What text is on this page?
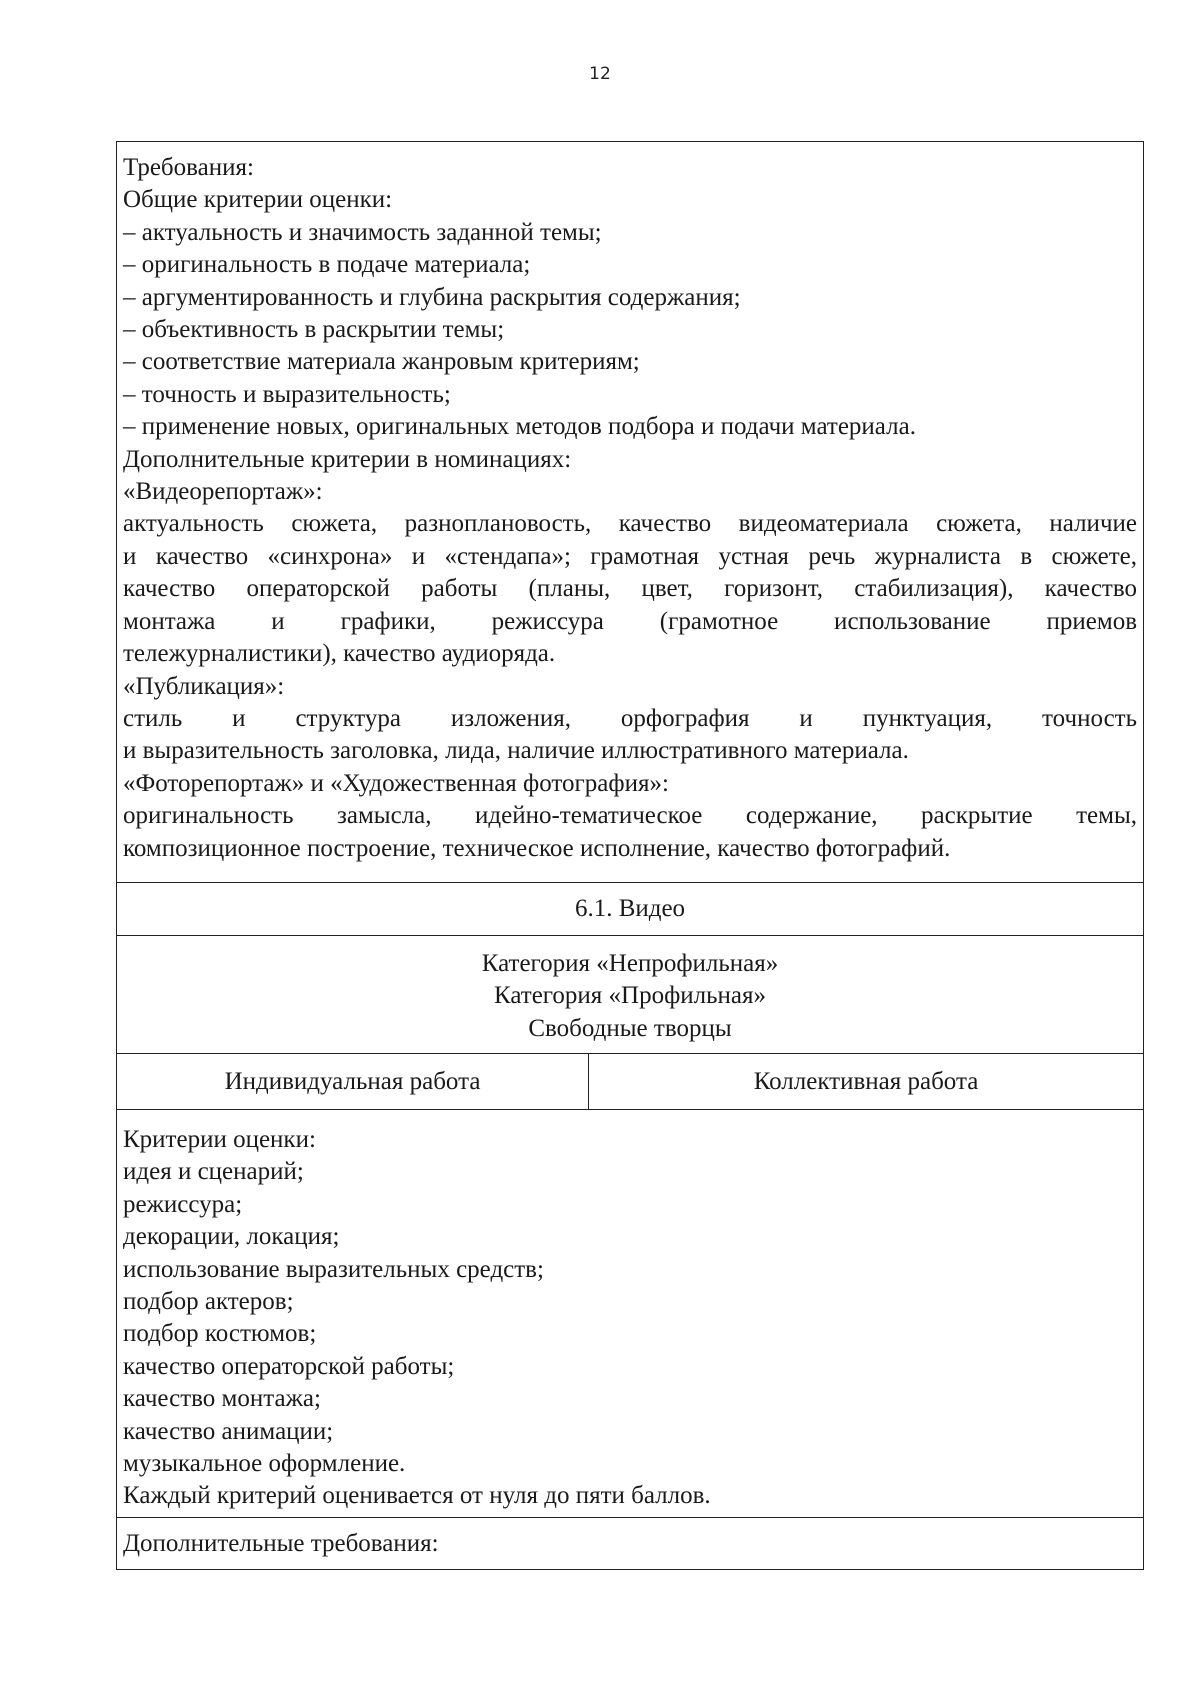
12
Требования:
Общие критерии оценки:
– актуальность и значимость заданной темы;
– оригинальность в подаче материала;
– аргументированность и глубина раскрытия содержания;
– объективность в раскрытии темы;
– соответствие материала жанровым критериям;
– точность и выразительность;
– применение новых, оригинальных методов подбора и подачи материала.
Дополнительные критерии в номинациях:
«Видеорепортаж»:
актуальность сюжета, разноплановость, качество видеоматериала сюжета, наличие
и качество «синхрона» и «стендапа»; грамотная устная речь журналиста в сюжете,
качество операторской работы (планы, цвет, горизонт, стабилизация), качество
монтажа и графики, режиссура (грамотное использование приемов
тележурналистики), качество аудиоряда.
«Публикация»:
стиль и структура изложения, орфография и пунктуация, точность
и выразительность заголовка, лида, наличие иллюстративного материала.
«Фоторепортаж» и «Художественная фотография»:
оригинальность замысла, идейно-тематическое содержание, раскрытие темы,
композиционное построение, техническое исполнение, качество фотографий.
6.1. Видео
Категория «Непрофильная»
Категория «Профильная»
Свободные творцы
Индивидуальная работа	Коллективная работа
Критерии оценки:
идея и сценарий;
режиссура;
декорации, локация;
использование выразительных средств;
подбор актеров;
подбор костюмов;
качество операторской работы;
качество монтажа;
качество анимации;
музыкальное оформление.
Каждый критерий оценивается от нуля до пяти баллов.
Дополнительные требования:
